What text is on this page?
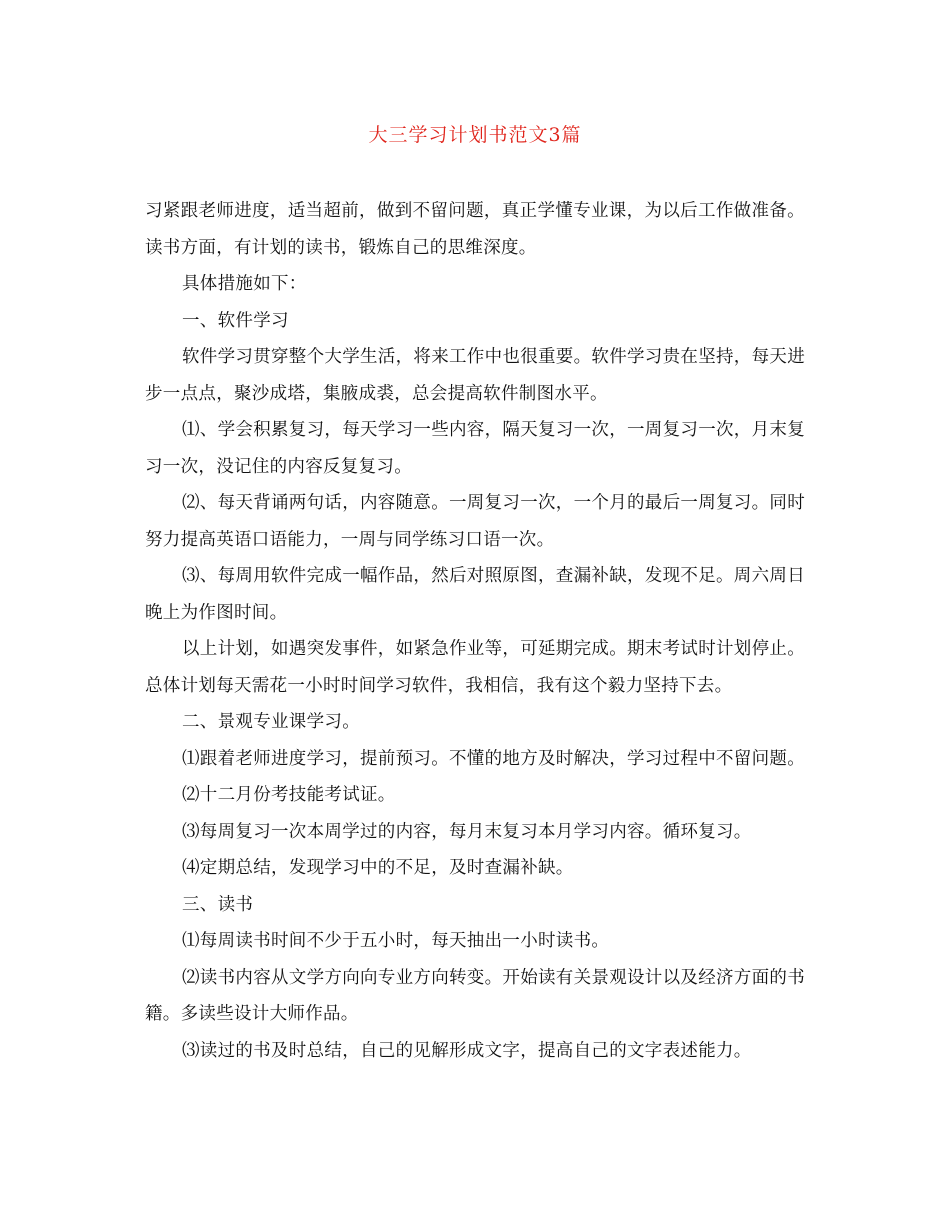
大三学习计划书范文3篇

习紧跟老师进度，适当超前，做到不留问题，真正学懂专业课，为以后工作做准备。读书方面，有计划的读书，锻炼自己的思维深度。

具体措施如下：

一、软件学习

软件学习贯穿整个大学生活，将来工作中也很重要。软件学习贵在坚持，每天进步一点点，聚沙成塔，集腋成裘，总会提高软件制图水平。

⑴、学会积累复习，每天学习一些内容，隔天复习一次，一周复习一次，月末复习一次，没记住的内容反复复习。

⑵、每天背诵两句话，内容随意。一周复习一次，一个月的最后一周复习。同时努力提高英语口语能力，一周与同学练习口语一次。

⑶、每周用软件完成一幅作品，然后对照原图，查漏补缺，发现不足。周六周日晚上为作图时间。

以上计划，如遇突发事件，如紧急作业等，可延期完成。期末考试时计划停止。总体计划每天需花一小时时间学习软件，我相信，我有这个毅力坚持下去。

二、景观专业课学习。

⑴跟着老师进度学习，提前预习。不懂的地方及时解决，学习过程中不留问题。

⑵十二月份考技能考试证。

⑶每周复习一次本周学过的内容，每月末复习本月学习内容。循环复习。

⑷定期总结，发现学习中的不足，及时查漏补缺。

三、读书

⑴每周读书时间不少于五小时，每天抽出一小时读书。

⑵读书内容从文学方向向专业方向转变。开始读有关景观设计以及经济方面的书籍。多读些设计大师作品。

⑶读过的书及时总结，自己的见解形成文字，提高自己的文字表述能力。
